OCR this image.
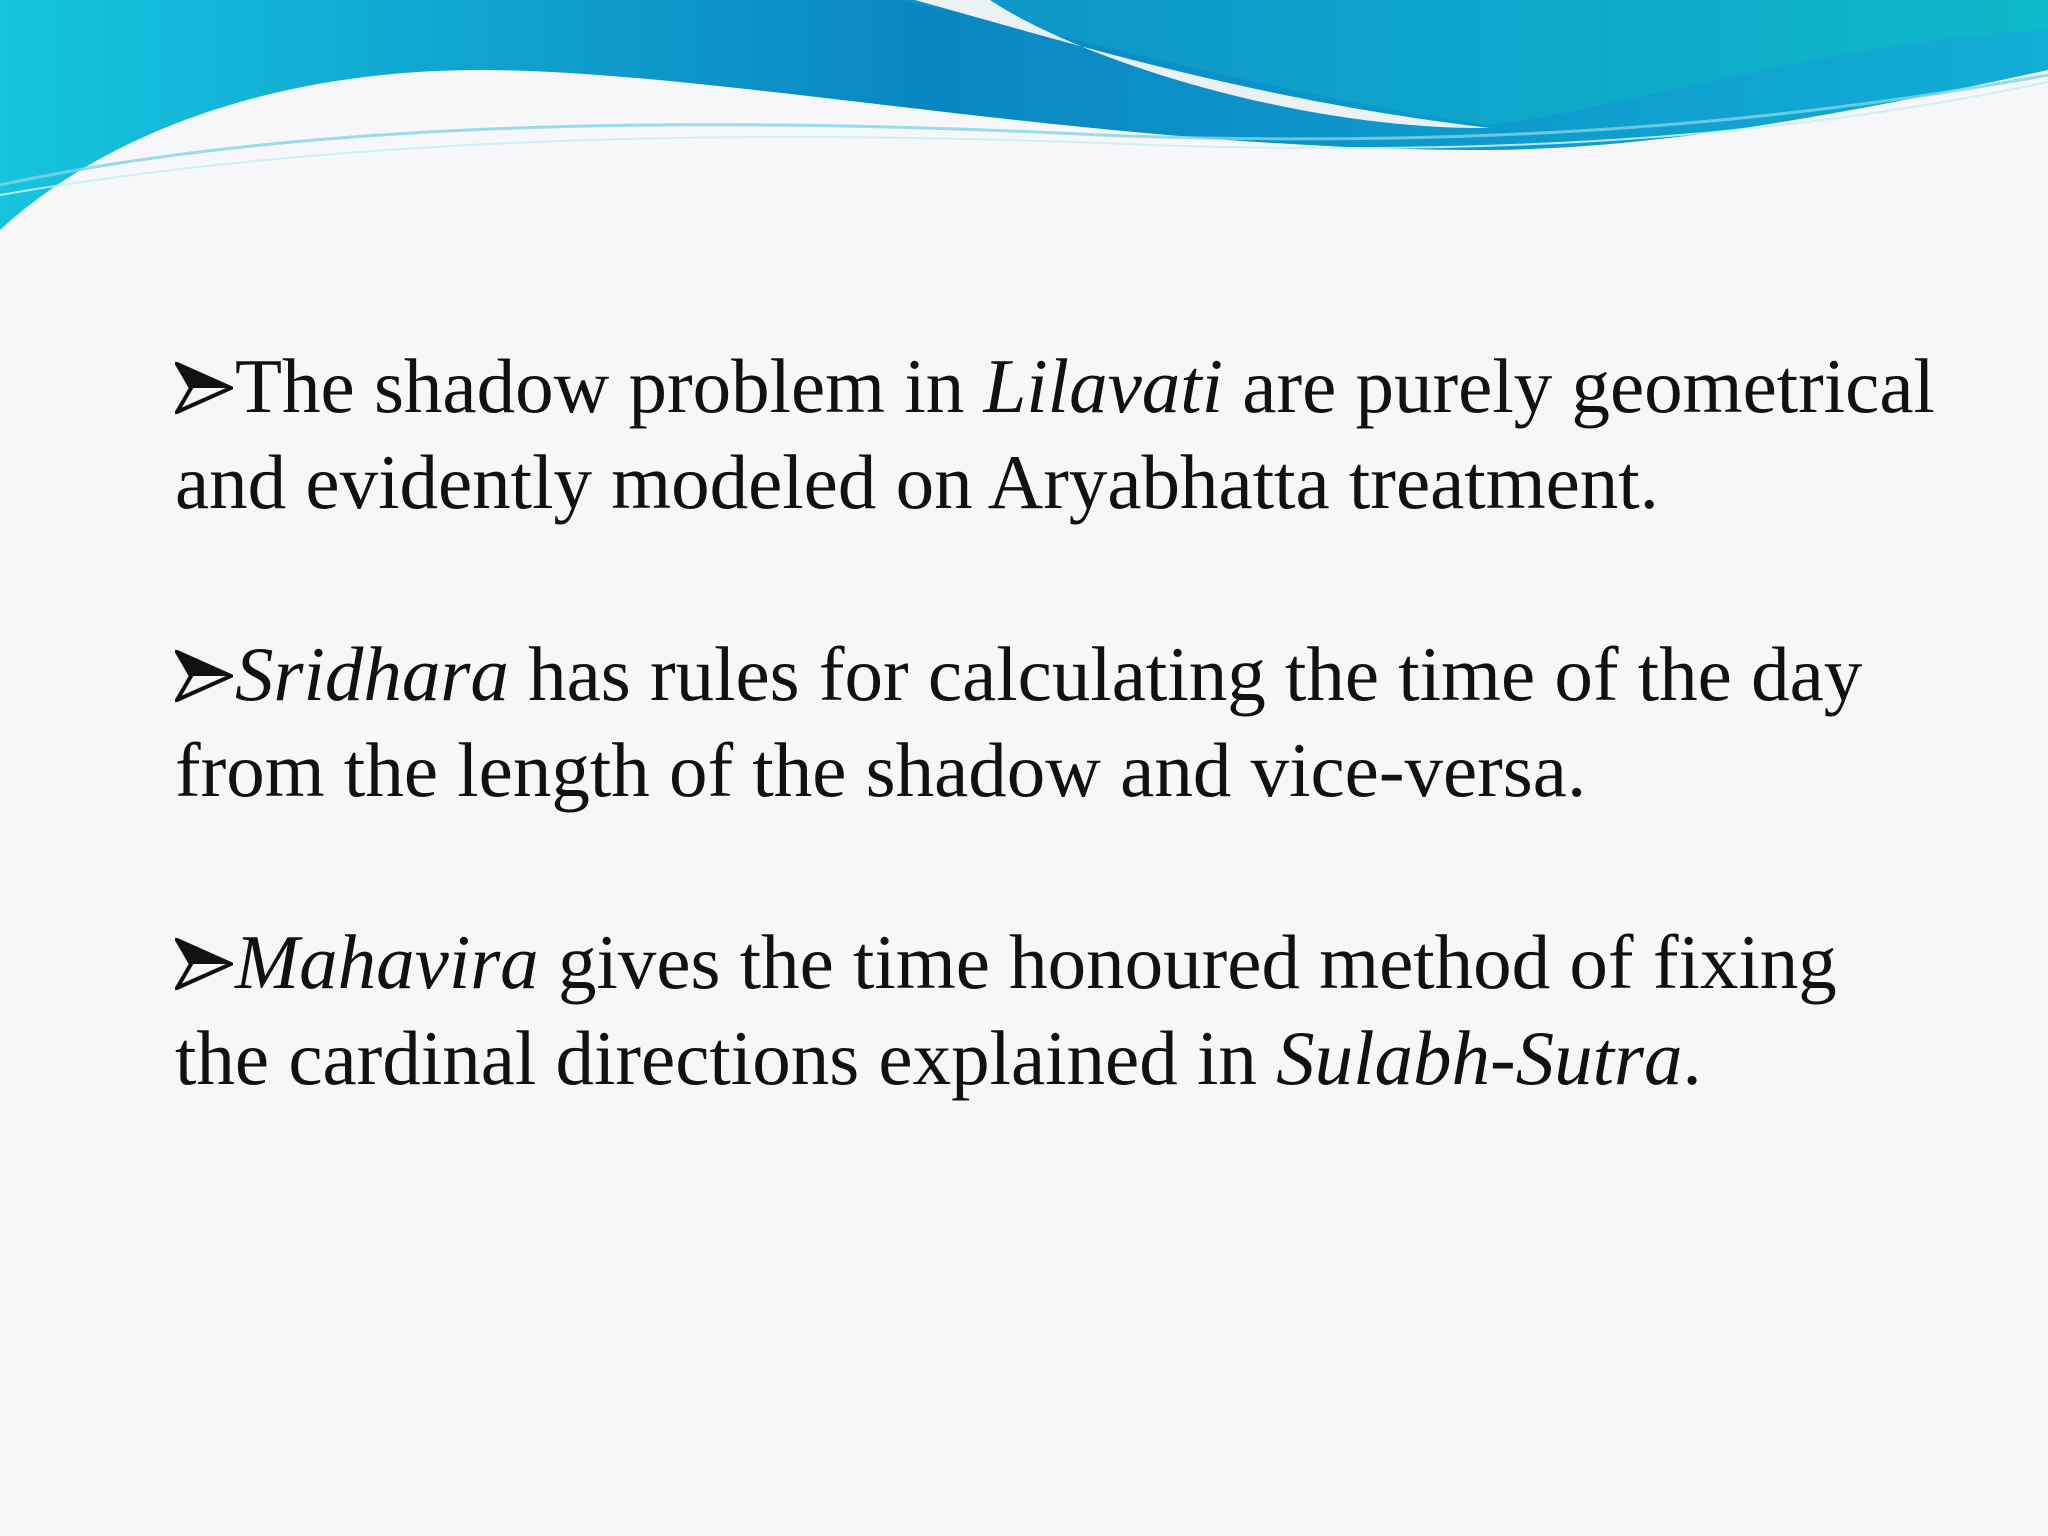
The shadow problem in Lilavati are purely geometrical and evidently modeled on Aryabhatta treatment.

Sridhara has rules for calculating the time of the day from the length of the shadow and vice-versa.

Mahavira gives the time honoured method of fixing the cardinal directions explained in Sulabh-Sutra.
